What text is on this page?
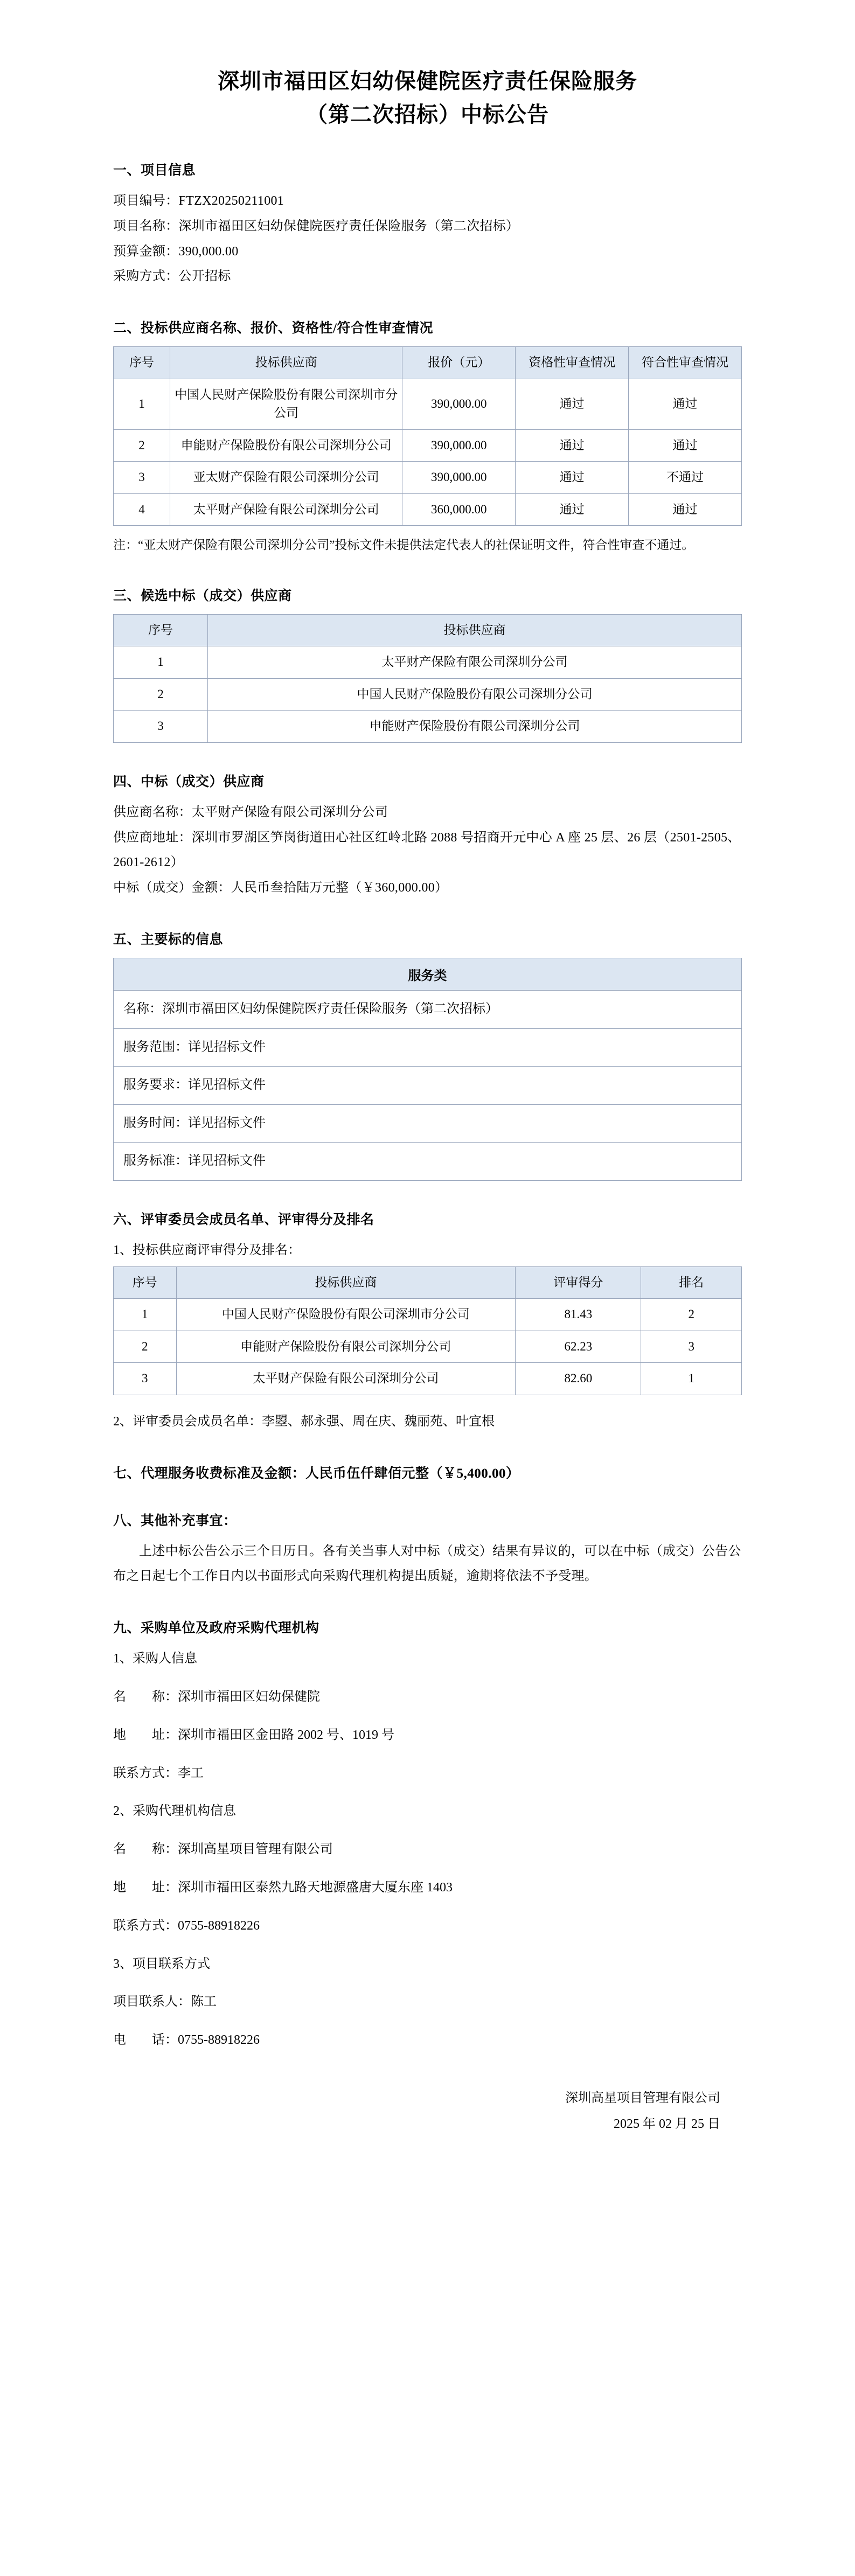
深圳市福田区妇幼保健院医疗责任保险服务
（第二次招标）中标公告
一、项目信息

项目编号：FTZX20250211001

项目名称：深圳市福田区妇幼保健院医疗责任保险服务（第二次招标）

预算金额：390,000.00

采购方式：公开招标

二、投标供应商名称、报价、资格性/符合性审查情况
序号	投标供应商	报价（元）	资格性审查情况	符合性审查情况
1	中国人民财产保险股份有限公司深圳市分公司	390,000.00	通过	通过
2	申能财产保险股份有限公司深圳分公司	390,000.00	通过	通过
3	亚太财产保险有限公司深圳分公司	390,000.00	通过	不通过
4	太平财产保险有限公司深圳分公司	360,000.00	通过	通过

注：“亚太财产保险有限公司深圳分公司”投标文件未提供法定代表人的社保证明文件，符合性审查不通过。

三、候选中标（成交）供应商
序号	投标供应商
1	太平财产保险有限公司深圳分公司
2	中国人民财产保险股份有限公司深圳分公司
3	申能财产保险股份有限公司深圳分公司
四、中标（成交）供应商

供应商名称：太平财产保险有限公司深圳分公司

供应商地址：深圳市罗湖区笋岗街道田心社区红岭北路 2088 号招商开元中心 A 座 25 层、26 层（2501-2505、2601-2612）

中标（成交）金额：人民币叁拾陆万元整（￥360,000.00）

五、主要标的信息
服务类
名称：深圳市福田区妇幼保健院医疗责任保险服务（第二次招标）
服务范围：详见招标文件
服务要求：详见招标文件
服务时间：详见招标文件
服务标准：详见招标文件
六、评审委员会成员名单、评审得分及排名

1、投标供应商评审得分及排名：

序号	投标供应商	评审得分	排名
1	中国人民财产保险股份有限公司深圳市分公司	81.43	2
2	申能财产保险股份有限公司深圳分公司	62.23	3
3	太平财产保险有限公司深圳分公司	82.60	1

2、评审委员会成员名单：李曌、郝永强、周在庆、魏丽苑、叶宜根

七、代理服务收费标准及金额：人民币伍仟肆佰元整（￥5,400.00）
八、其他补充事宜：

上述中标公告公示三个日历日。各有关当事人对中标（成交）结果有异议的，可以在中标（成交）公告公布之日起七个工作日内以书面形式向采购代理机构提出质疑，逾期将依法不予受理。

九、采购单位及政府采购代理机构

1、采购人信息

名　　称：深圳市福田区妇幼保健院

地　　址：深圳市福田区金田路 2002 号、1019 号

联系方式：李工

2、采购代理机构信息

名　　称：深圳高星项目管理有限公司

地　　址：深圳市福田区泰然九路天地源盛唐大厦东座 1403

联系方式：0755-88918226

3、项目联系方式

项目联系人：陈工

电　　话：0755-88918226

深圳高星项目管理有限公司
2025 年 02 月 25 日
